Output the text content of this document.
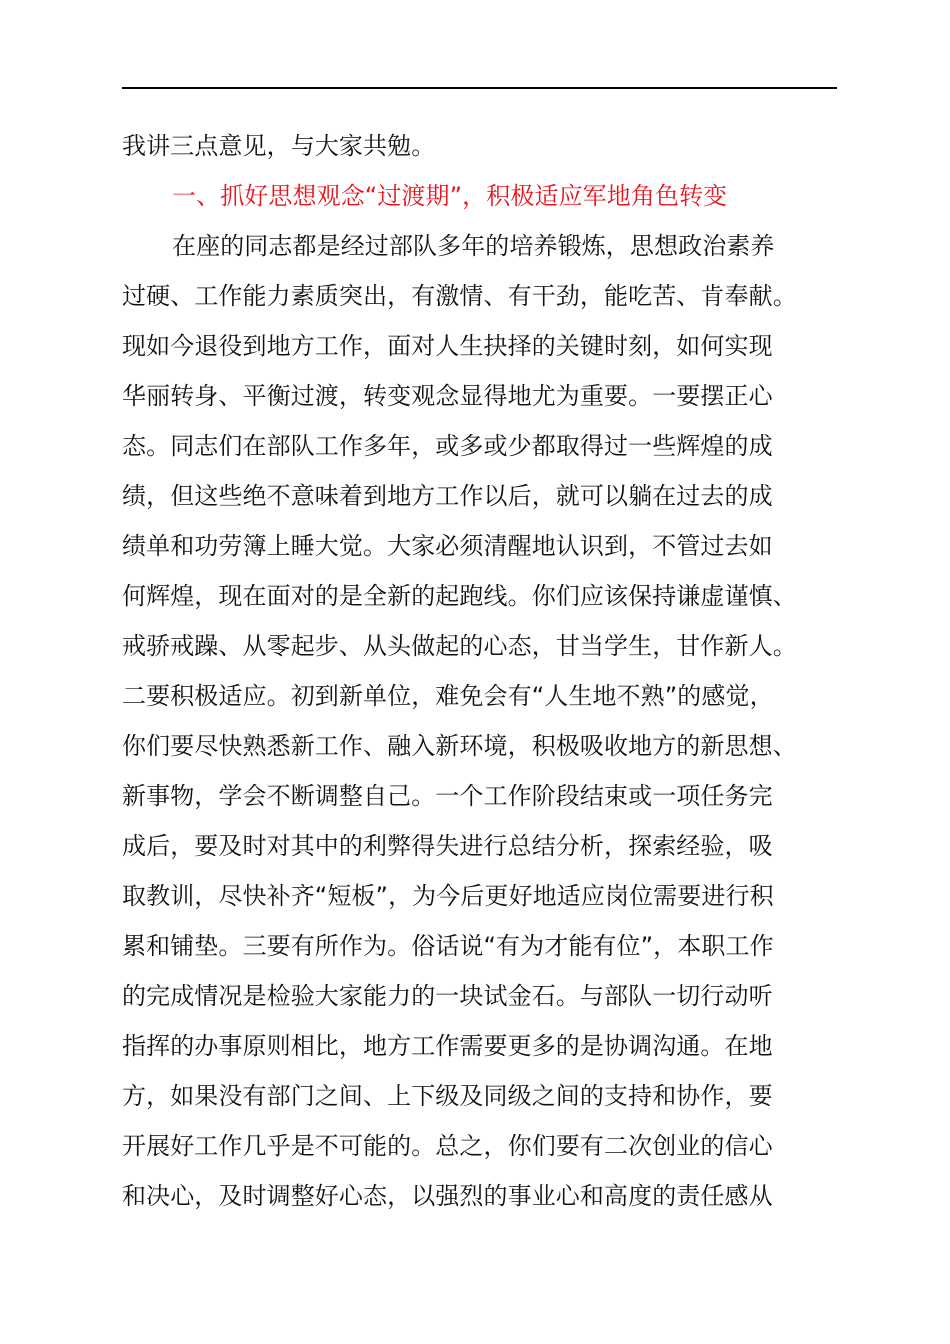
我讲三点意见，与大家共勉。
一、抓好思想观念“过渡期”，积极适应军地角色转变
在座的同志都是经过部队多年的培养锻炼，思想政治素养
过硬、工作能力素质突出，有激情、有干劲，能吃苦、肯奉献。
现如今退役到地方工作，面对人生抉择的关键时刻，如何实现
华丽转身、平衡过渡，转变观念显得地尤为重要。一要摆正心
态。同志们在部队工作多年，或多或少都取得过一些辉煌的成
绩，但这些绝不意味着到地方工作以后，就可以躺在过去的成
绩单和功劳簿上睡大觉。大家必须清醒地认识到，不管过去如
何辉煌，现在面对的是全新的起跑线。你们应该保持谦虚谨慎、
戒骄戒躁、从零起步、从头做起的心态，甘当学生，甘作新人。
二要积极适应。初到新单位，难免会有“人生地不熟”的感觉，
你们要尽快熟悉新工作、融入新环境，积极吸收地方的新思想、
新事物，学会不断调整自己。一个工作阶段结束或一项任务完
成后，要及时对其中的利弊得失进行总结分析，探索经验，吸
取教训，尽快补齐“短板”，为今后更好地适应岗位需要进行积
累和铺垫。三要有所作为。俗话说“有为才能有位”，本职工作
的完成情况是检验大家能力的一块试金石。与部队一切行动听
指挥的办事原则相比，地方工作需要更多的是协调沟通。在地
方，如果没有部门之间、上下级及同级之间的支持和协作，要
开展好工作几乎是不可能的。总之，你们要有二次创业的信心
和决心，及时调整好心态，以强烈的事业心和高度的责任感从
